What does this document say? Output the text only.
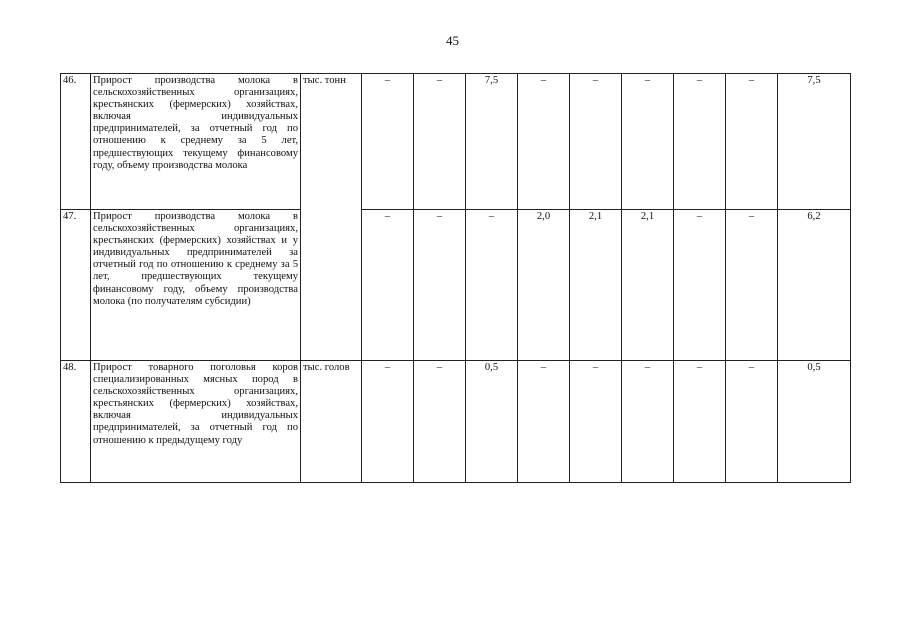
45
46.	Прирост производства молока в сельскохозяйственных организациях, крестьянских (фермерских) хозяйствах, включая индивидуальных предпринимателей, за отчетный год по отношению к среднему за 5 лет, предшествующих текущему финансовому году, объему производства молока	тыс. тонн	–	–	7,5	–	–	–	–	–	7,5
47.	Прирост производства молока в сельскохозяйственных организациях, крестьянских (фермерских) хозяйствах и у индивидуальных предпринимателей за отчетный год по отношению к среднему за 5 лет, предшествующих текущему финансовому году, объему производства молока (по получателям субсидии)		–	–	–	2,0	2,1	2,1	–	–	6,2
48.	Прирост товарного поголовья коров специализированных мясных пород в сельскохозяйственных организациях, крестьянских (фермерских) хозяйствах, включая индивидуальных предпринимателей, за отчетный год по отношению к предыдущему году	тыс. голов	–	–	0,5	–	–	–	–	–	0,5
